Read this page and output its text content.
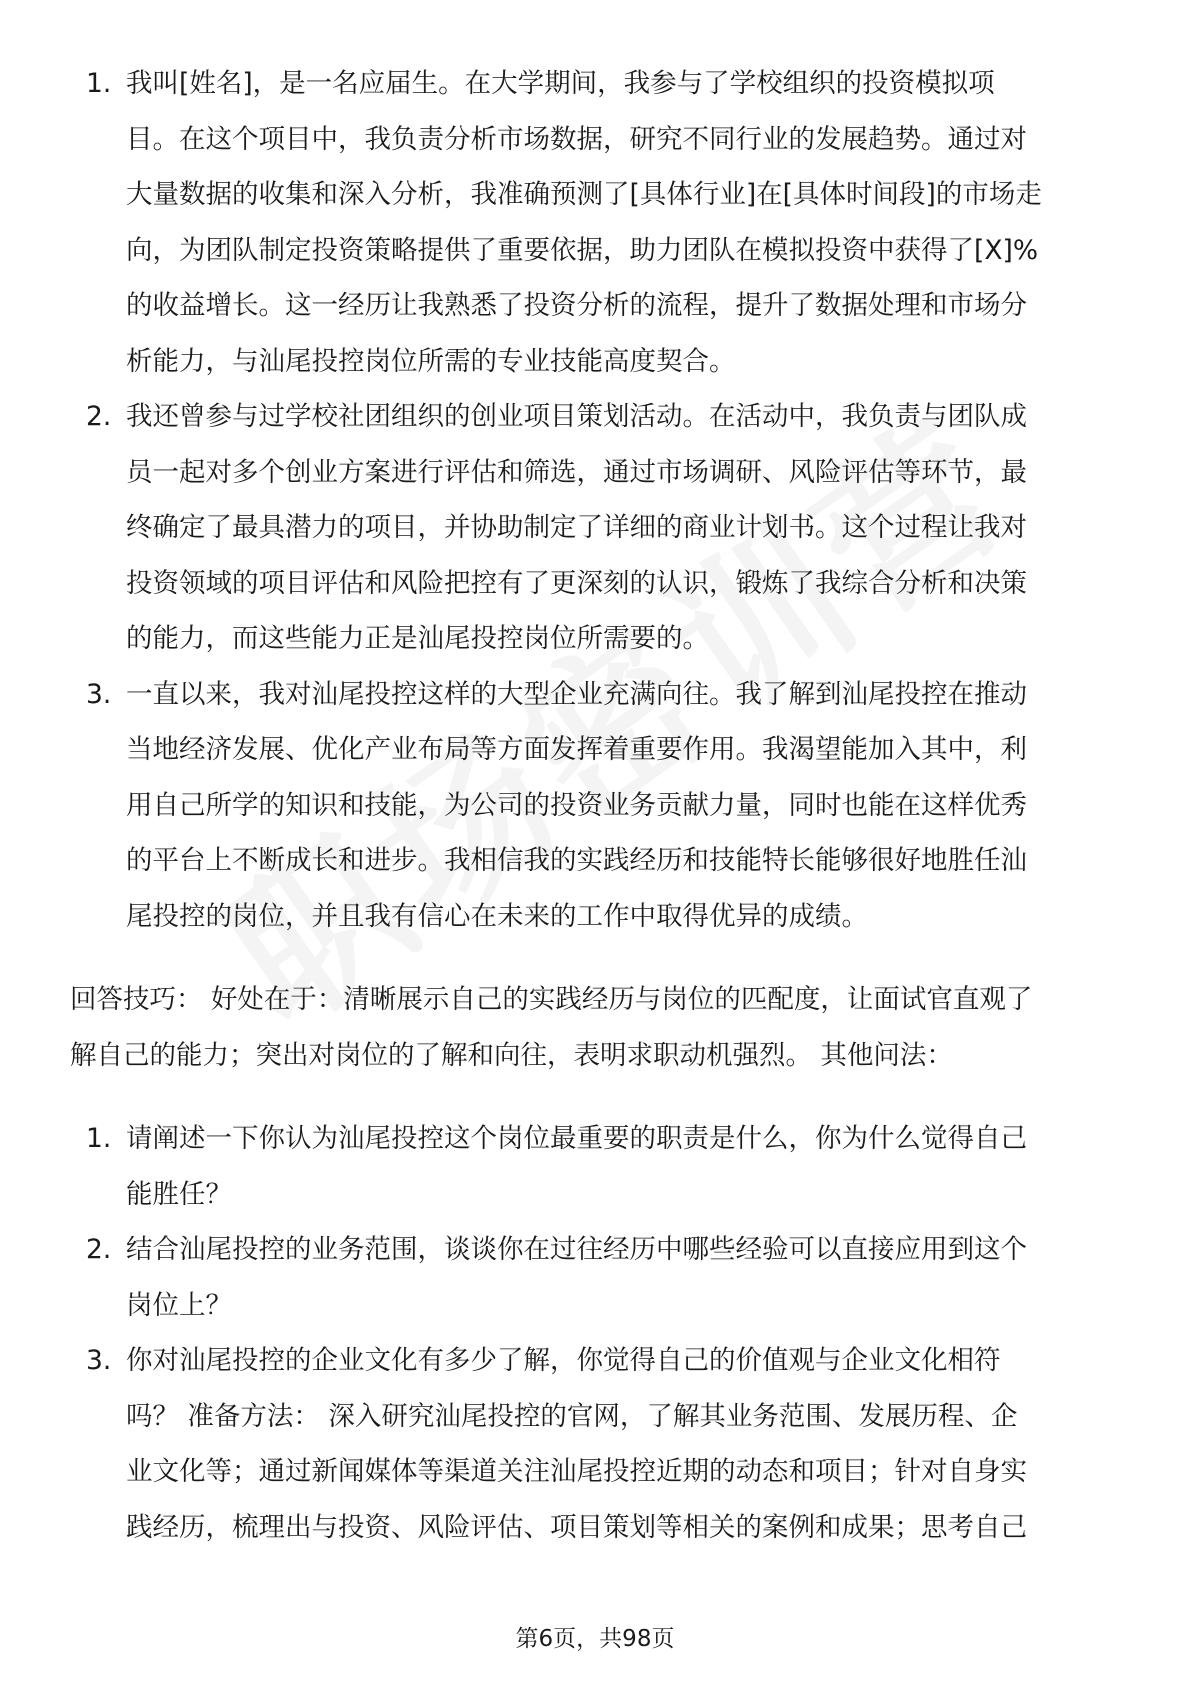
1. 我叫[姓名]，是一名应届生。在大学期间，我参与了学校组织的投资模拟项
目。在这个项目中，我负责分析市场数据，研究不同行业的发展趋势。通过对
大量数据的收集和深入分析，我准确预测了[具体行业]在[具体时间段]的市场走
向，为团队制定投资策略提供了重要依据，助力团队在模拟投资中获得了[X]%
的收益增长。这一经历让我熟悉了投资分析的流程，提升了数据处理和市场分
析能力，与汕尾投控岗位所需的专业技能高度契合。
2. 我还曾参与过学校社团组织的创业项目策划活动。在活动中，我负责与团队成
员一起对多个创业方案进行评估和筛选，通过市场调研、风险评估等环节，最
终确定了最具潜力的项目，并协助制定了详细的商业计划书。这个过程让我对
投资领域的项目评估和风险把控有了更深刻的认识，锻炼了我综合分析和决策
的能力，而这些能力正是汕尾投控岗位所需要的。
3. 一直以来，我对汕尾投控这样的大型企业充满向往。我了解到汕尾投控在推动
当地经济发展、优化产业布局等方面发挥着重要作用。我渴望能加入其中，利
用自己所学的知识和技能，为公司的投资业务贡献力量，同时也能在这样优秀
的平台上不断成长和进步。我相信我的实践经历和技能特长能够很好地胜任汕
尾投控的岗位，并且我有信心在未来的工作中取得优异的成绩。
回答技巧： 好处在于：清晰展示自己的实践经历与岗位的匹配度，让面试官直观了
解自己的能力；突出对岗位的了解和向往，表明求职动机强烈。 其他问法：
1. 请阐述一下你认为汕尾投控这个岗位最重要的职责是什么，你为什么觉得自己
能胜任？
2. 结合汕尾投控的业务范围，谈谈你在过往经历中哪些经验可以直接应用到这个
岗位上？
3. 你对汕尾投控的企业文化有多少了解，你觉得自己的价值观与企业文化相符
吗？ 准备方法： 深入研究汕尾投控的官网，了解其业务范围、发展历程、企
业文化等；通过新闻媒体等渠道关注汕尾投控近期的动态和项目；针对自身实
践经历，梳理出与投资、风险评估、项目策划等相关的案例和成果；思考自己
第6页，共98页
